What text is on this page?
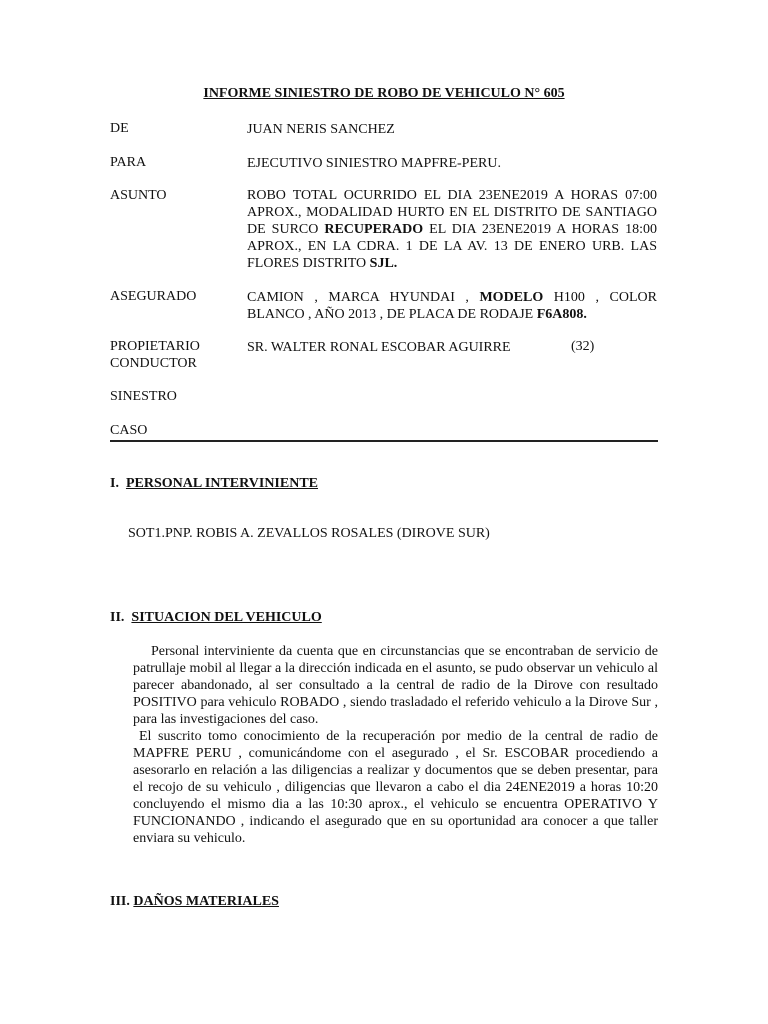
INFORME SINIESTRO DE ROBO DE VEHICULO N° 605
DE	JUAN NERIS SANCHEZ
PARA	EJECUTIVO SINIESTRO MAPFRE-PERU.
ASUNTO	ROBO TOTAL OCURRIDO EL DIA 23ENE2019 A HORAS 07:00 APROX., MODALIDAD HURTO EN EL DISTRITO DE SANTIAGO DE SURCO RECUPERADO EL DIA 23ENE2019 A HORAS 18:00 APROX., EN LA CDRA. 1 DE LA AV. 13 DE ENERO URB. LAS FLORES DISTRITO SJL.
ASEGURADO	CAMION , MARCA HYUNDAI , MODELO H100 , COLOR BLANCO , AÑO 2013 , DE PLACA DE RODAJE F6A808.
PROPIETARIO	SR. WALTER RONAL ESCOBAR AGUIRRE	(32)
CONDUCTOR
SINESTRO
CASO
I. PERSONAL INTERVINIENTE
SOT1.PNP. ROBIS A. ZEVALLOS ROSALES (DIROVE SUR)
II. SITUACION DEL VEHICULO

Personal interviniente da cuenta que en circunstancias que se encontraban de servicio de patrullaje mobil al llegar a la dirección indicada en el asunto, se pudo observar un vehiculo al parecer abandonado, al ser consultado a la central de radio de la Dirove con resultado POSITIVO para vehiculo ROBADO , siendo trasladado el referido vehiculo a la Dirove Sur , para las investigaciones del caso.

El suscrito tomo conocimiento de la recuperación por medio de la central de radio de MAPFRE PERU , comunicándome con el asegurado , el Sr. ESCOBAR procediendo a asesorarlo en relación a las diligencias a realizar y documentos que se deben presentar, para el recojo de su vehiculo , diligencias que llevaron a cabo el dia 24ENE2019 a horas 10:20 concluyendo el mismo dia a las 10:30 aprox., el vehiculo se encuentra OPERATIVO Y FUNCIONANDO , indicando el asegurado que en su oportunidad ara conocer a que taller enviara su vehiculo.

III. DAÑOS MATERIALES
